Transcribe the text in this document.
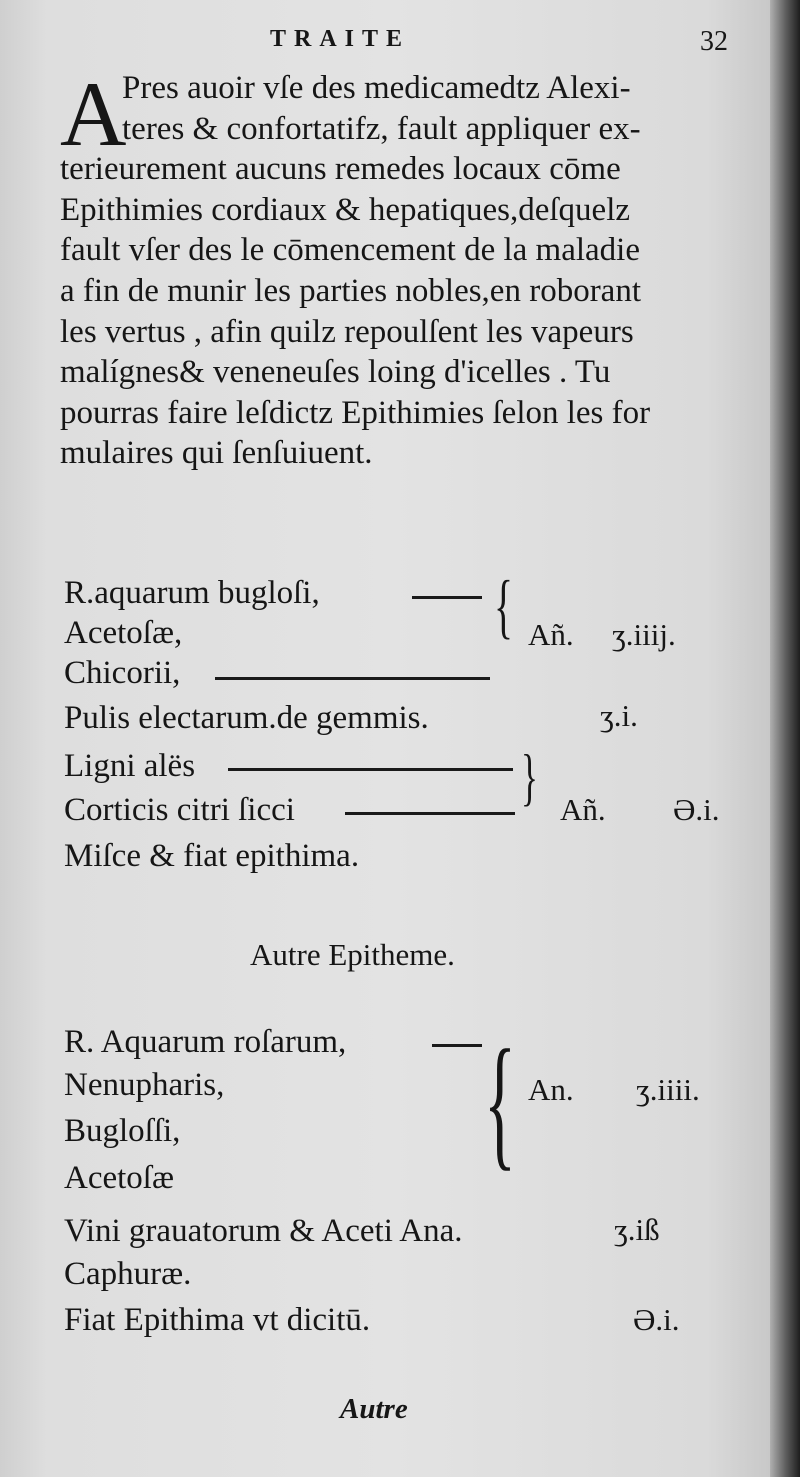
TRAITE	32
A
Pres auoir vſe des medicamedtz Alexi-
teres & confortatifz, fault appliquer ex-
terieurement aucuns remedes locaux cōme
Epithimies cordiaux & hepatiques,deſquelz
fault vſer des le cōmencement de la maladie
a fin de munir les parties nobles,en roborant
les vertus , afin quilz repoulſent les vapeurs
malígnes& veneneuſes loing d'icelles . Tu
pourras faire leſdictz Epithimies ſelon les for
mulaires qui ſenſuiuent.
R.aquarum bugloſi,
Acetoſæ,
Chicorii,
{ Añ. ʒ.iiij.
Pulis electarum.de gemmis.	ʒ.i.
Ligni alës
Corticis citri ſicci	} Añ. Ə.i.
Miſce & fiat epithima.
Autre Epitheme.
R. Aquarum roſarum,
Nenupharis,
Bugloſſi,
Acetoſæ { An. ʒ.iiii.
Vini grauatorum & Aceti Ana.	ʒ.iß
Caphuræ.
Fiat Epithima vt dicitū.	Ə.i.
Autre
